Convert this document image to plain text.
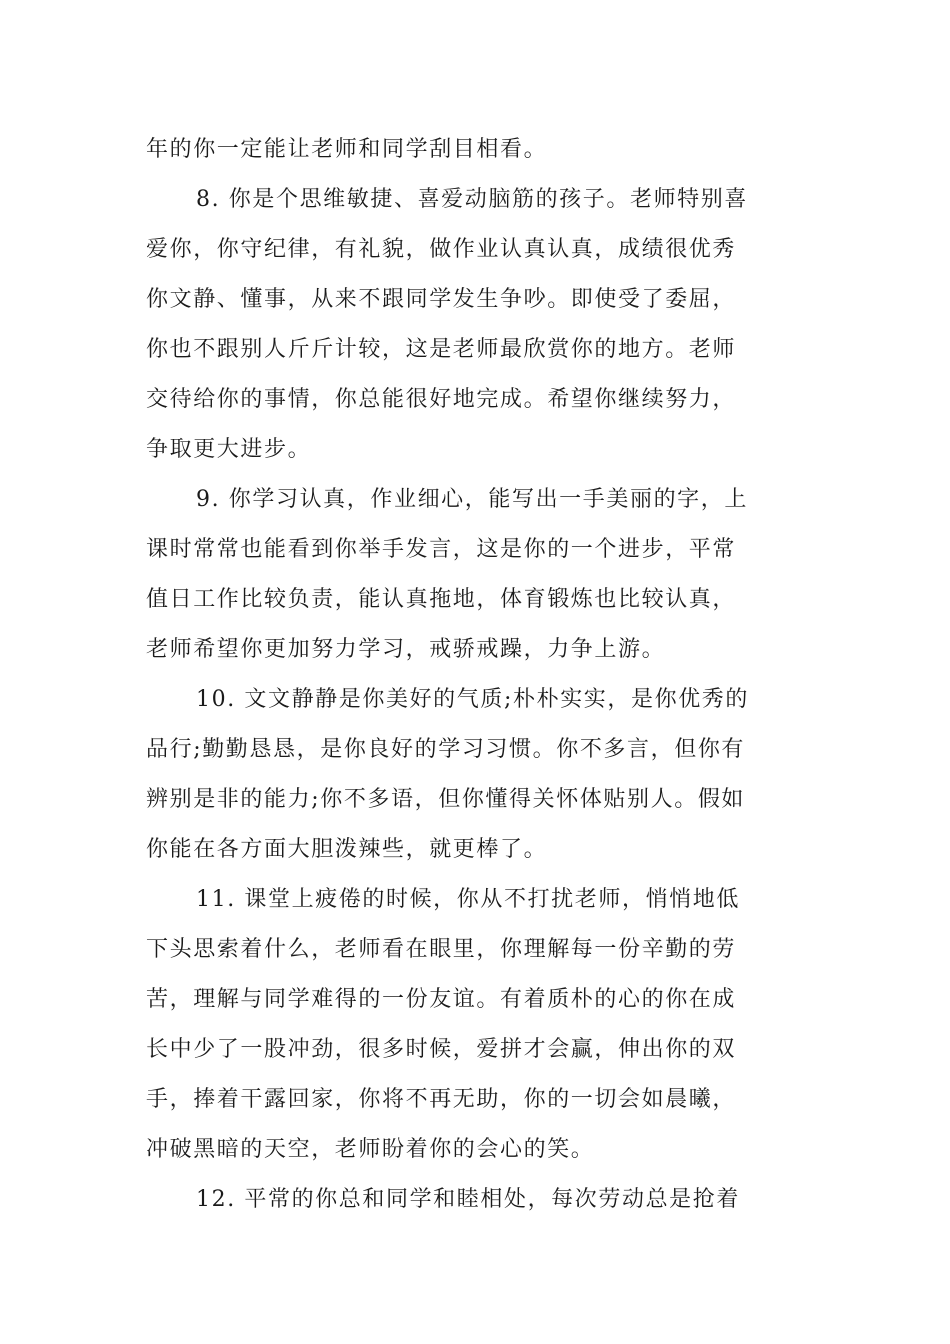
年的你一定能让老师和同学刮目相看。
8. 你是个思维敏捷、喜爱动脑筋的孩子。老师特别喜
爱你，你守纪律，有礼貌，做作业认真认真，成绩很优秀
你文静、懂事，从来不跟同学发生争吵。即使受了委屈，
你也不跟别人斤斤计较，这是老师最欣赏你的地方。老师
交待给你的事情，你总能很好地完成。希望你继续努力，
争取更大进步。
9. 你学习认真，作业细心，能写出一手美丽的字，上
课时常常也能看到你举手发言，这是你的一个进步，平常
值日工作比较负责，能认真拖地，体育锻炼也比较认真，
老师希望你更加努力学习，戒骄戒躁，力争上游。
10. 文文静静是你美好的气质;朴朴实实，是你优秀的
品行;勤勤恳恳，是你良好的学习习惯。你不多言，但你有
辨别是非的能力;你不多语，但你懂得关怀体贴别人。假如
你能在各方面大胆泼辣些，就更棒了。
11. 课堂上疲倦的时候，你从不打扰老师，悄悄地低
下头思索着什么，老师看在眼里，你理解每一份辛勤的劳
苦，理解与同学难得的一份友谊。有着质朴的心的你在成
长中少了一股冲劲，很多时候，爱拼才会赢，伸出你的双
手，捧着干露回家，你将不再无助，你的一切会如晨曦，
冲破黑暗的天空，老师盼着你的会心的笑。
12. 平常的你总和同学和睦相处，每次劳动总是抢着
